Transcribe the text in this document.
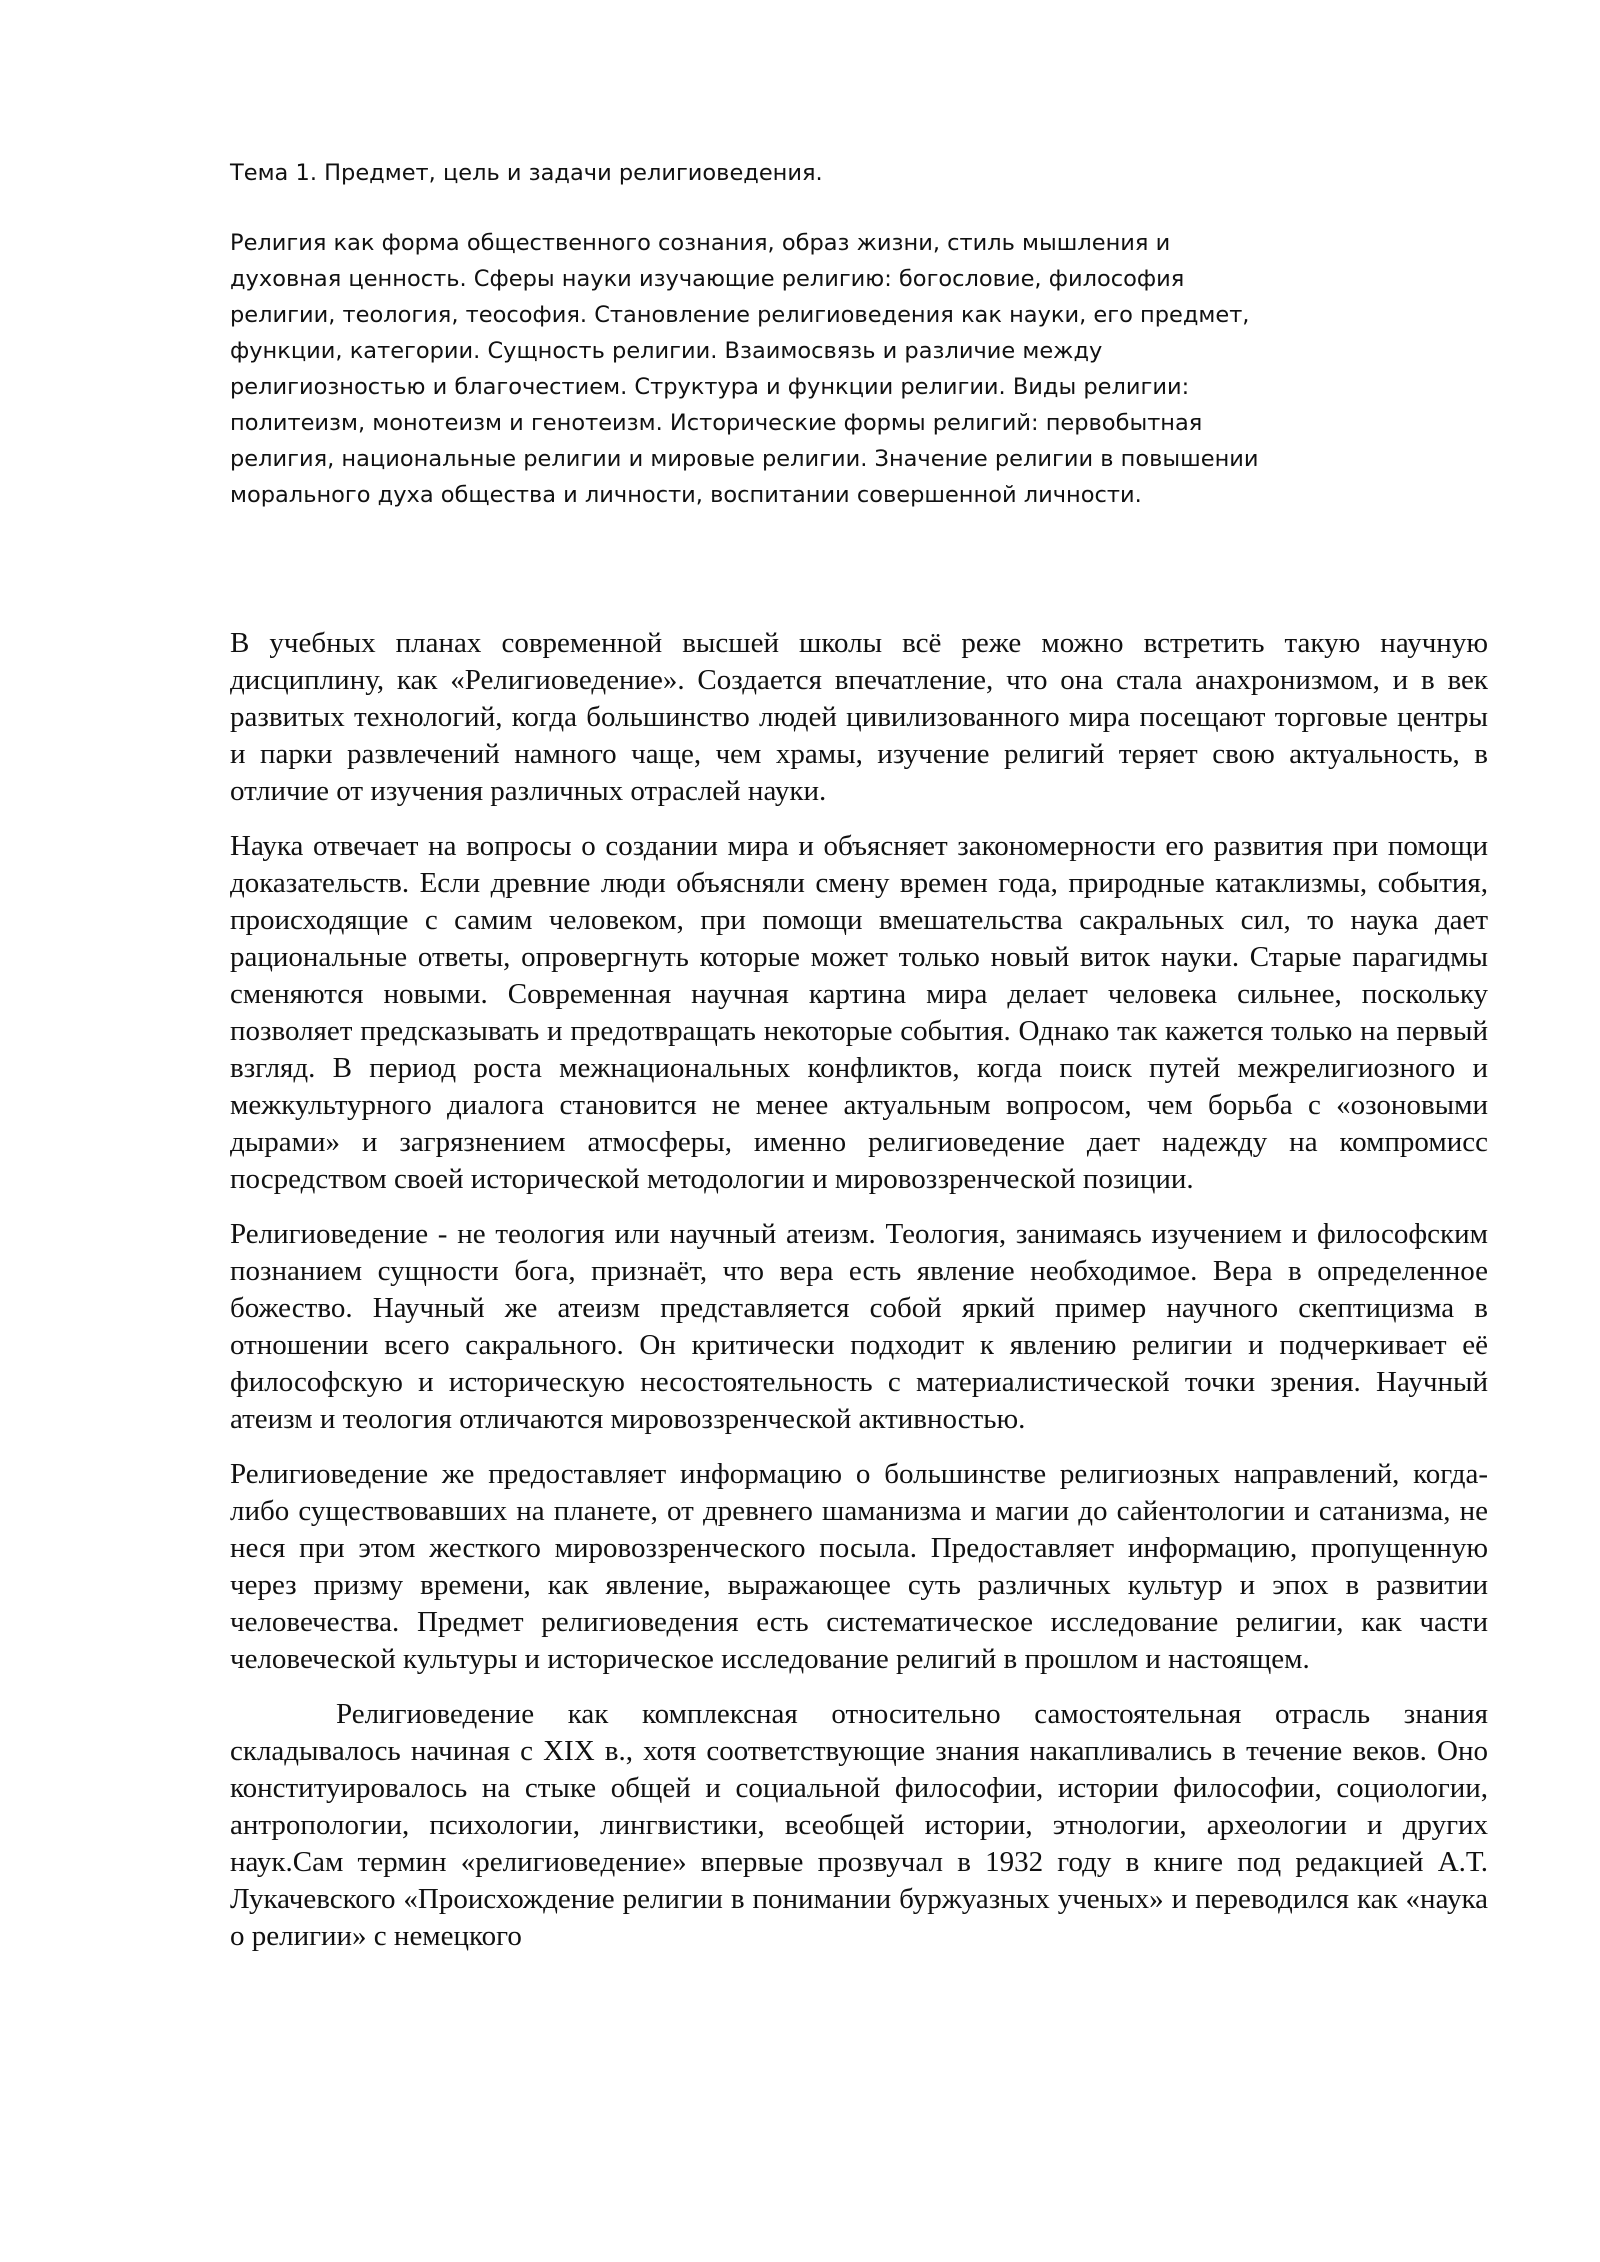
Тема 1. Предмет, цель и задачи религиоведения.

Религия как форма общественного сознания, образ жизни, стиль мышления и духовная ценность. Сферы науки изучающие религию: богословие, философия религии, теология, теософия. Становление религиоведения как науки, его предмет, функции, категории. Сущность религии. Взаимосвязь и различие между религиозностью и благочестием. Структура и функции религии. Виды религии: политеизм, монотеизм и генотеизм. Исторические формы религий: первобытная религия, национальные религии и мировые религии. Значение религии в повышении морального духа общества и личности, воспитании совершенной личности.

В учебных планах современной высшей школы всё реже можно встретить такую научную дисциплину, как «Религиоведение». Создается впечатление, что она стала анахронизмом, и в век развитых технологий, когда большинство людей цивилизованного мира посещают торговые центры и парки развлечений намного чаще, чем храмы, изучение религий теряет свою актуальность, в отличие от изучения различных отраслей науки.

Наука отвечает на вопросы о создании мира и объясняет закономерности его развития при помощи доказательств. Если древние люди объясняли смену времен года, природные катаклизмы, события, происходящие с самим человеком, при помощи вмешательства сакральных сил, то наука дает рациональные ответы, опровергнуть которые может только новый виток науки. Старые парагидмы сменяются новыми. Современная научная картина мира делает человека сильнее, поскольку позволяет предсказывать и предотвращать некоторые события. Однако так кажется только на первый взгляд. В период роста межнациональных конфликтов, когда поиск путей межрелигиозного и межкультурного диалога становится не менее актуальным вопросом, чем борьба с «озоновыми дырами» и загрязнением атмосферы, именно религиоведение дает надежду на компромисс посредством своей исторической методологии и мировоззренческой позиции.

Религиоведение - не теология или научный атеизм. Теология, занимаясь изучением и философским познанием сущности бога, признаёт, что вера есть явление необходимое. Вера в определенное божество. Научный же атеизм представляется собой яркий пример научного скептицизма в отношении всего сакрального. Он критически подходит к явлению религии и подчеркивает её философскую и историческую несостоятельность с материалистической точки зрения. Научный атеизм и теология отличаются мировоззренческой активностью.

Религиоведение же предоставляет информацию о большинстве религиозных направлений, когда-либо существовавших на планете, от древнего шаманизма и магии до сайентологии и сатанизма, не неся при этом жесткого мировоззренческого посыла. Предоставляет информацию, пропущенную через призму времени, как явление, выражающее суть различных культур и эпох в развитии человечества. Предмет религиоведения есть систематическое исследование религии, как части человеческой культуры и историческое исследование религий в прошлом и настоящем.

Религиоведение как комплексная относительно самостоятельная отрасль знания складывалось начиная с XIX в., хотя соответствующие знания накапливались в течение веков. Оно конституировалось на стыке общей и социальной философии, истории философии, социологии, антропологии, психологии, лингвистики, всеобщей истории, этнологии, археологии и других наук.Сам термин «религиоведение» впервые прозвучал в 1932 году в книге под редакцией А.Т. Лукачевского «Происхождение религии в понимании буржуазных ученых» и переводился как «наука о религии» с немецкого
